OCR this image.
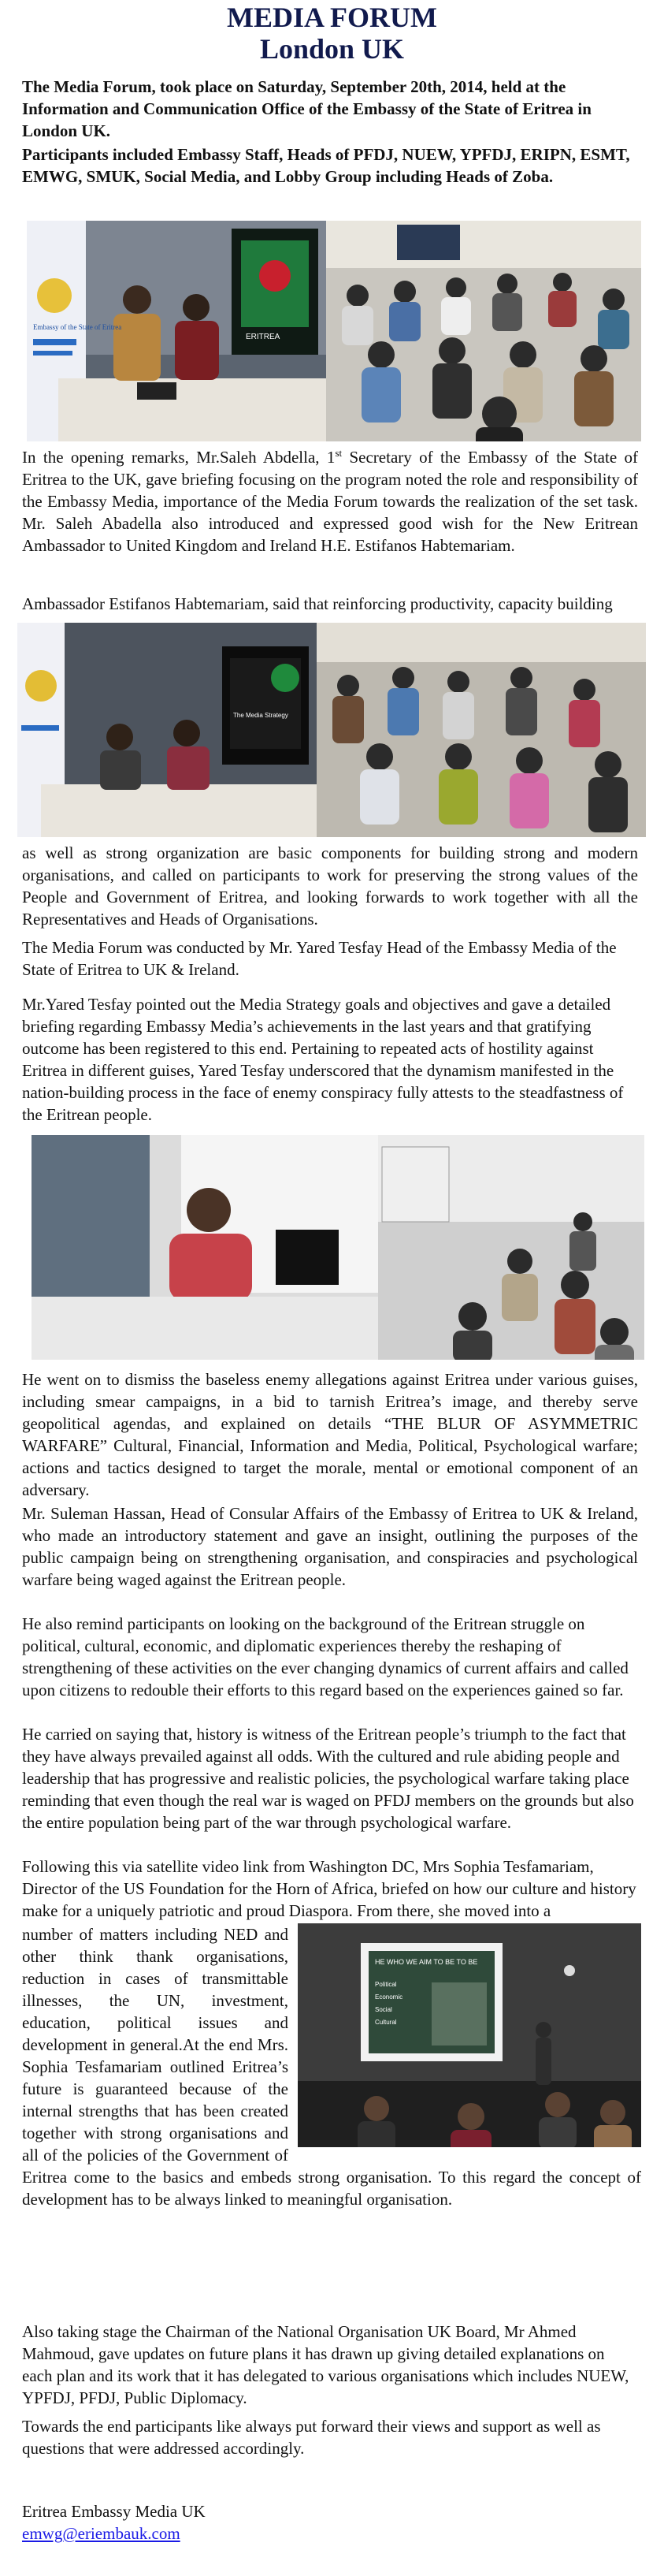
MEDIA FORUM
London UK

The Media Forum, took place on Saturday, September 20th, 2014, held at the Information and Communication Office of the Embassy of the State of Eritrea in London UK.

Participants included Embassy Staff, Heads of PFDJ, NUEW, YPFDJ, ERIPN, ESMT, EMWG, SMUK, Social Media, and Lobby Group including Heads of Zoba.

Embassy of the State of Eritrea
ERITREA

In the opening remarks, Mr.Saleh Abdella, 1st Secretary of the Embassy of the State of Eritrea to the UK, gave briefing focusing on the program noted the role and responsibility of the Embassy Media, importance of the Media Forum towards the realization of the set task. Mr. Saleh Abadella also introduced and expressed good wish for the New Eritrean Ambassador to United Kingdom and Ireland H.E. Estifanos Habtemariam.

Ambassador Estifanos Habtemariam, said that reinforcing productivity, capacity building

The Media Strategy

as well as strong organization are basic components for building strong and modern organisations, and called on participants to work for preserving the strong values of the People and Government of Eritrea, and looking forwards to work together with all the Representatives and Heads of Organisations.

The Media Forum was conducted by Mr. Yared Tesfay Head of the Embassy Media of the State of Eritrea to UK & Ireland.

Mr.Yared Tesfay pointed out the Media Strategy goals and objectives and gave a detailed briefing regarding Embassy Media’s achievements in the last years and that gratifying outcome has been registered to this end. Pertaining to repeated acts of hostility against Eritrea in different guises, Yared Tesfay underscored that the dynamism manifested in the nation-building process in the face of enemy conspiracy fully attests to the steadfastness of the Eritrean people.

He went on to dismiss the baseless enemy allegations against Eritrea under various guises, including smear campaigns, in a bid to tarnish Eritrea’s image, and thereby serve geopolitical agendas, and explained on details “THE BLUR OF ASYMMETRIC WARFARE” Cultural, Financial, Information and Media, Political, Psychological warfare; actions and tactics designed to target the morale, mental or emotional component of an adversary.

Mr. Suleman Hassan, Head of Consular Affairs of the Embassy of Eritrea to UK & Ireland, who made an introductory statement and gave an insight, outlining the purposes of the public campaign being on strengthening organisation, and conspiracies and psychological warfare being waged against the Eritrean people.

He also remind participants on looking on the background of the Eritrean struggle on political, cultural, economic, and diplomatic experiences thereby the reshaping of strengthening of these activities on the ever changing dynamics of current affairs and called upon citizens to redouble their efforts to this regard based on the experiences gained so far.

He carried on saying that, history is witness of the Eritrean people’s triumph to the fact that they have always prevailed against all odds. With the cultured and rule abiding people and leadership that has progressive and realistic policies, the psychological warfare taking place reminding that even though the real war is waged on PFDJ members on the grounds but also the entire population being part of the war through psychological warfare.

Following this via satellite video link from Washington DC, Mrs Sophia Tesfamariam, Director of the US Foundation for the Horn of Africa, briefed on how our culture and history make for a uniquely patriotic and proud Diaspora. From there, she moved into a

HE WHO WE AIM TO BE TO BE
Political
Economic
Social
Cultural
number of matters including NED and other think thank organisations, reduction in cases of transmittable illnesses, the UN, investment, education, political issues and development in general.At the end Mrs. Sophia Tesfamariam outlined Eritrea’s future is guaranteed because of the internal strengths that has been created together with strong organisations and all of the policies of the Government of Eritrea come to the basics and embeds strong organisation. To this regard the concept of development has to be always linked to meaningful organisation.

Also taking stage the Chairman of the National Organisation UK Board, Mr Ahmed Mahmoud, gave updates on future plans it has drawn up giving detailed explanations on each plan and its work that it has delegated to various organisations which includes NUEW, YPFDJ, PFDJ, Public Diplomacy.

Towards the end participants like always put forward their views and support as well as questions that were addressed accordingly.

Eritrea Embassy Media UK

emwg@eriembauk.com
